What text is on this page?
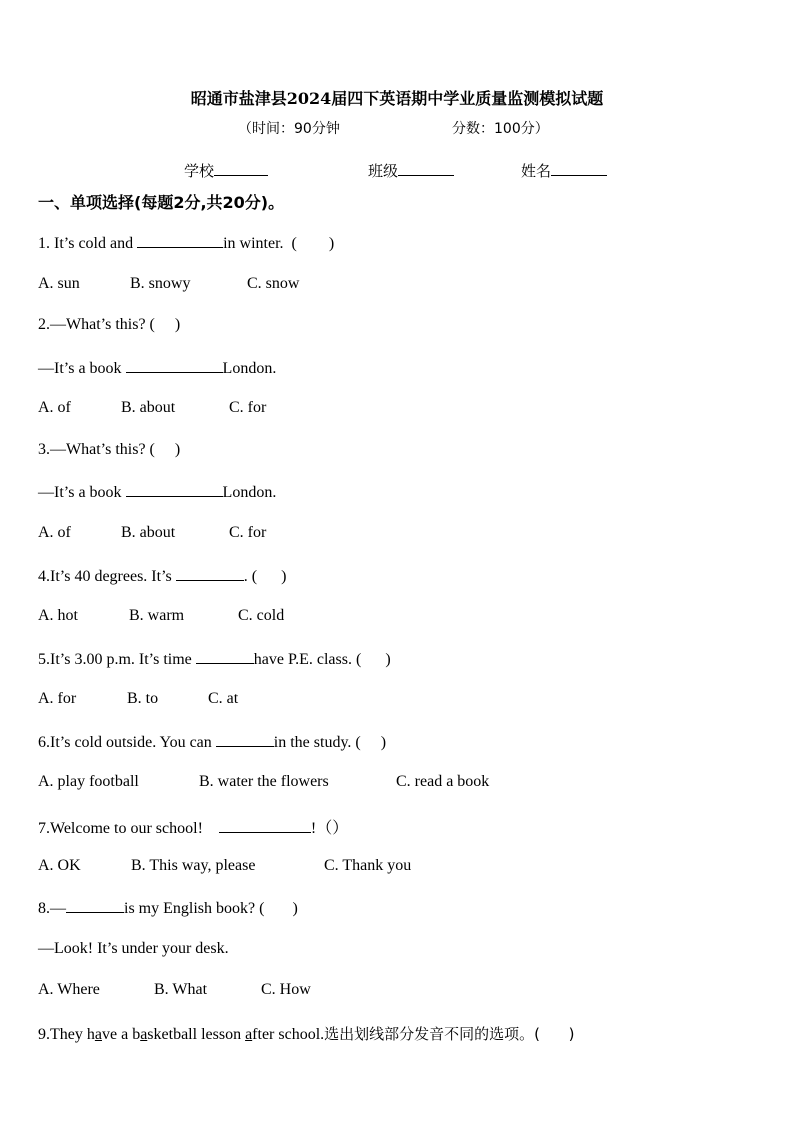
昭通市盐津县2024届四下英语期中学业质量监测模拟试题
（时间：90分钟	分数：100分）
学校	班级	姓名
一、单项选择(每题2分,共20分)。
1. It’s cold and	in winter.  (        )
A. sun	B. snowy	C. snow
2.—What’s this? (     )
—It’s a book	London.
A. of	B. about	C. for
3.—What’s this? (     )
—It’s a book	London.
A. of	B. about	C. for
4.It’s 40 degrees. It’s	. (      )
A. hot	B. warm	C. cold
5.It’s 3.00 p.m. It’s time	have P.E. class. (      )
A. for	B. to	C. at
6.It’s cold outside. You can	in the study. (     )
A. play football	B. water the flowers	C. read a book
7.Welcome to our school!	!（）
A. OK	B. This way, please	C. Thank you
8.—	is my English book? (       )
—Look! It’s under your desk.
A. Where	B. What	C. How
9.They have a basketball lesson after school.选出划线部分发音不同的选项。(      )
